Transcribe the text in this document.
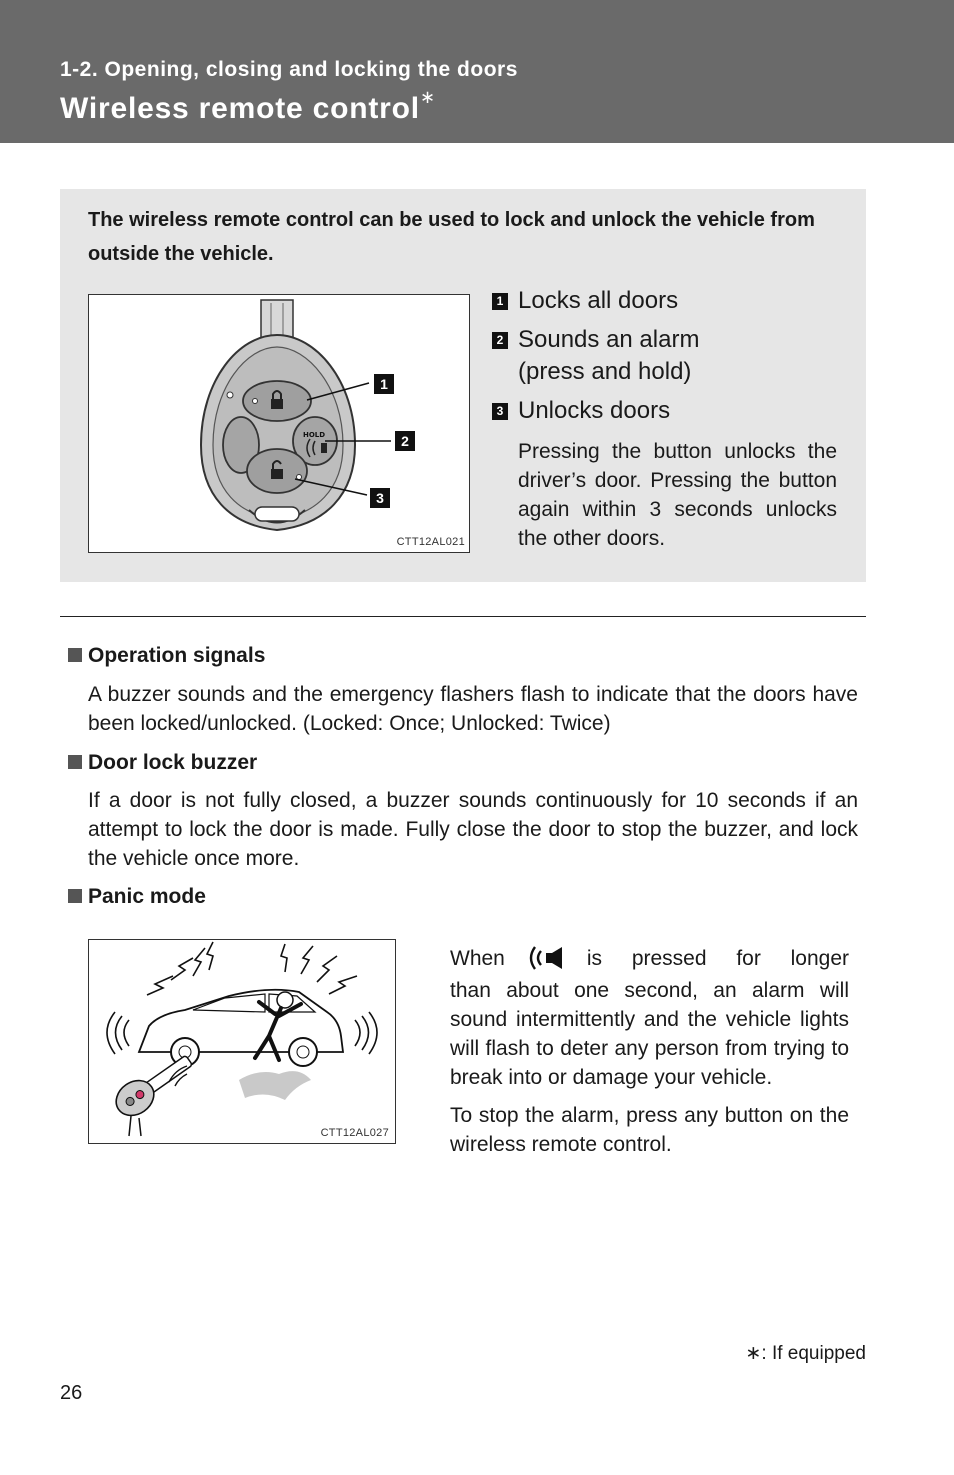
1-2. Opening, closing and locking the doors
Wireless remote control∗
The wireless remote control can be used to lock and unlock the vehicle from outside the vehicle.
HOLD
1
2
3
CTT12AL021
1 Locks all doors
2 Sounds an alarm
(press and hold)
3 Unlocks doors
Pressing the button unlocks the driver’s door. Pressing the button again within 3 seconds unlocks the other doors.
Operation signals
A buzzer sounds and the emergency flashers flash to indicate that the doors have been locked/unlocked. (Locked: Once; Unlocked: Twice)
Door lock buzzer
If a door is not fully closed, a buzzer sounds continuously for 10 seconds if an attempt to lock the door is made. Fully close the door to stop the buzzer, and lock the vehicle once more.
Panic mode
CTT12AL027
When	is pressed for longer
than about one second, an alarm will sound intermittently and the vehicle lights will flash to deter any person from trying to break into or damage your vehicle.
To stop the alarm, press any button on the wireless remote control.
∗: If equipped
26
